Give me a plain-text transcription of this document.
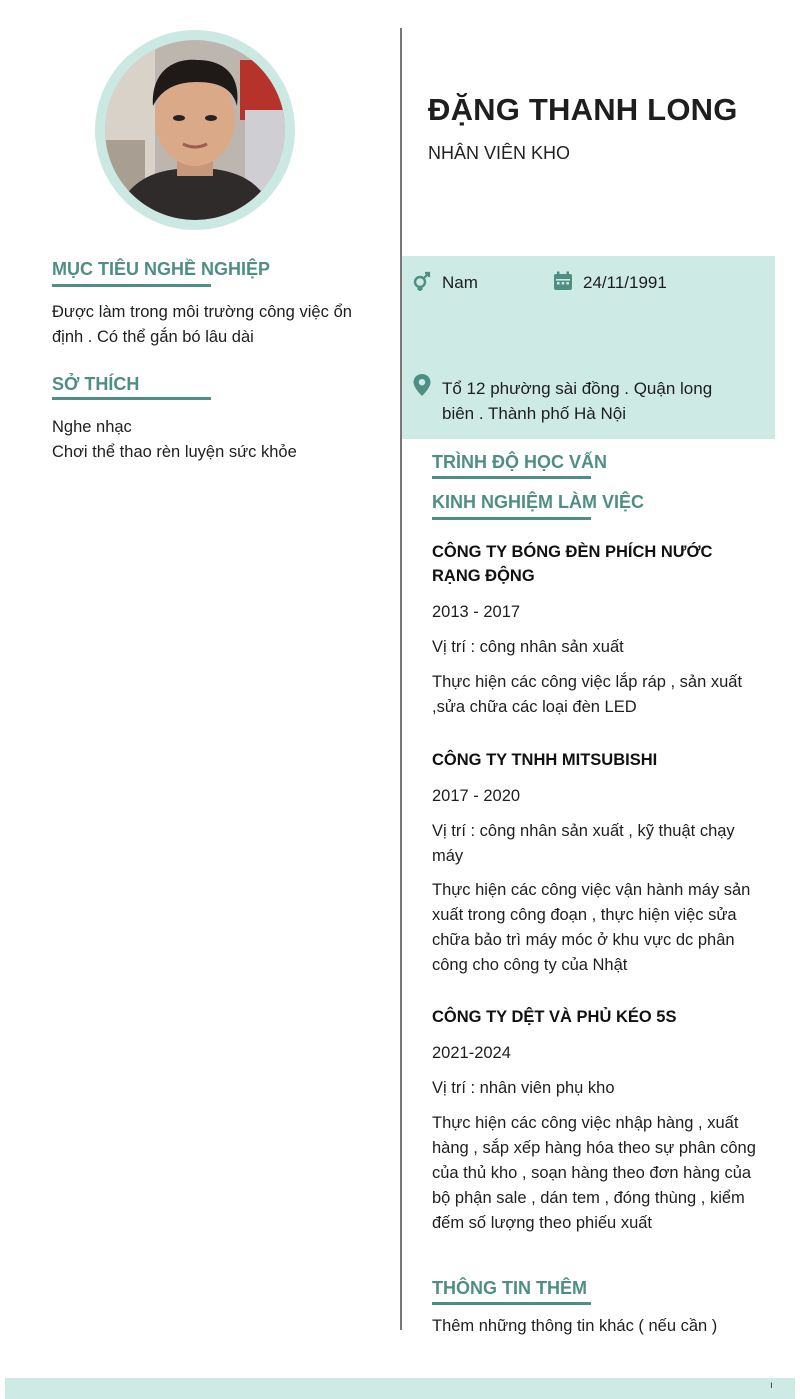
ĐẶNG THANH LONG
NHÂN VIÊN KHO
Nam	24/11/1991
Tổ 12 phường sài đồng . Quận long
biên . Thành phố Hà Nội
MỤC TIÊU NGHỀ NGHIỆP
Được làm trong môi trường công việc ổn định . Có thể gắn bó lâu dài
SỞ THÍCH
Nghe nhạc
Chơi thể thao rèn luyện sức khỏe	TRÌNH ĐỘ HỌC VẤN
KINH NGHIỆM LÀM VIỆC
CÔNG TY BÓNG ĐÈN PHÍCH NƯỚC RẠNG ĐỘNG
2013 - 2017
Vị trí : công nhân sản xuất
Thực hiện các công việc lắp ráp , sản xuất ,sửa chữa các loại đèn LED
CÔNG TY TNHH MITSUBISHI
2017 - 2020
Vị trí : công nhân sản xuất , kỹ thuật chạy máy
Thực hiện các công việc vận hành máy sản xuất trong công đoạn , thực hiện việc sửa chữa bảo trì máy móc ở khu vực dc phân công cho công ty của Nhật
CÔNG TY DỆT VÀ PHỦ KÉO 5S
2021-2024
Vị trí : nhân viên phụ kho
Thực hiện các công việc nhập hàng , xuất hàng , sắp xếp hàng hóa theo sự phân công của thủ kho , soạn hàng theo đơn hàng của bộ phận sale , dán tem , đóng thùng , kiểm đếm số lượng theo phiếu xuất
THÔNG TIN THÊM
Thêm những thông tin khác ( nếu cần )
ı
